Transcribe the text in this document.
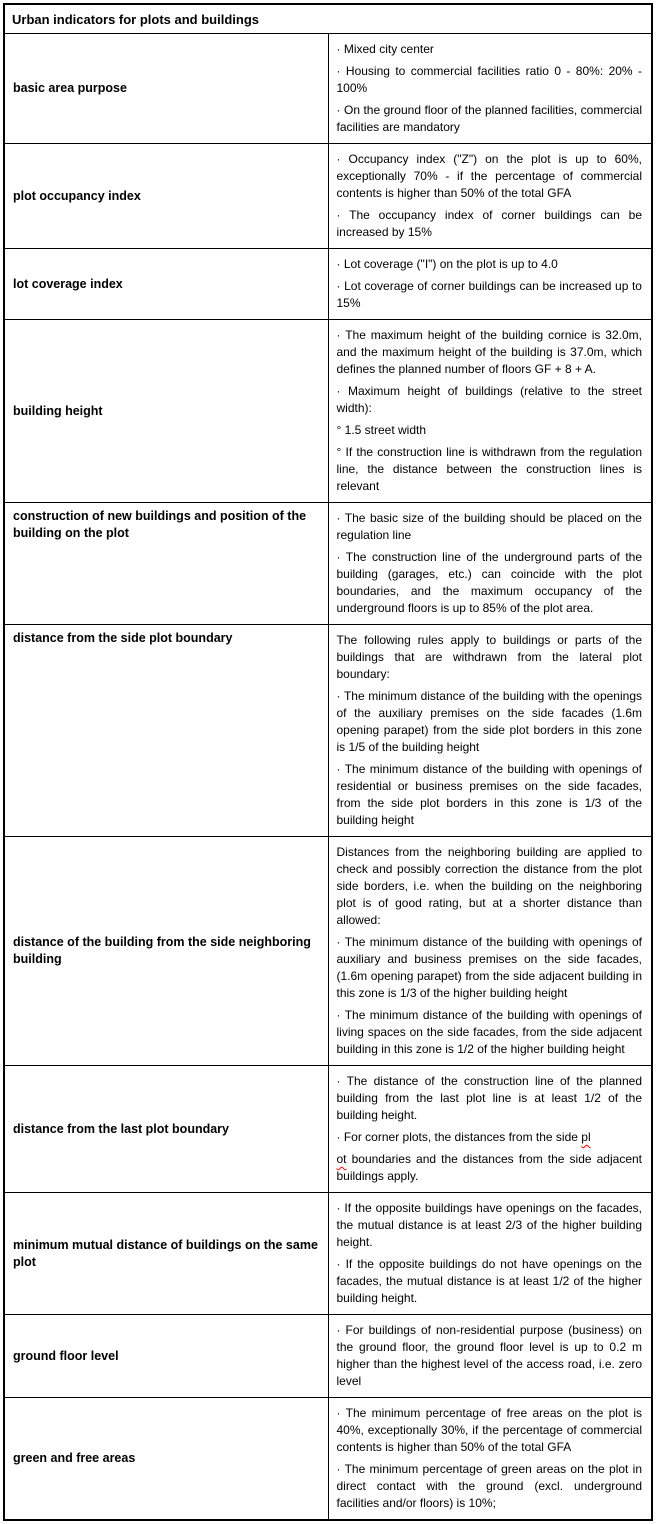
Urban indicators for plots and buildings	
basic area purpose	· Mixed city center
· Housing to commercial facilities ratio 0 - 80%: 20% - 100%
· On the ground floor of the planned facilities, commercial facilities are mandatory

plot occupancy index	· Occupancy index ("Z") on the plot is up to 60%, exceptionally 70% - if the percentage of commercial contents is higher than 50% of the total GFA
· The occupancy index of corner buildings can be increased by 15%

lot coverage index	· Lot coverage ("I") on the plot is up to 4.0
· Lot coverage of corner buildings can be increased up to 15%

building height	· The maximum height of the building cornice is 32.0m, and the maximum height of the building is 37.0m, which defines the planned number of floors GF + 8 + A.
· Maximum height of buildings (relative to the street width):
° 1.5 street width
° If the construction line is withdrawn from the regulation line, the distance between the construction lines is relevant

construction of new buildings and position of the building on the plot	· The basic size of the building should be placed on the regulation line
· The construction line of the underground parts of the building (garages, etc.) can coincide with the plot boundaries, and the maximum occupancy of the underground floors is up to 85% of the plot area.

distance from the side plot boundary	The following rules apply to buildings or parts of the buildings that are withdrawn from the lateral plot boundary:
· The minimum distance of the building with the openings of the auxiliary premises on the side facades (1.6m opening parapet) from the side plot borders in this zone is 1/5 of the building height
· The minimum distance of the building with openings of residential or business premises on the side facades, from the side plot borders in this zone is 1/3 of the building height

distance of the building from the side neighboring building	Distances from the neighboring building are applied to check and possibly correction the distance from the plot side borders, i.e. when the building on the neighboring plot is of good rating, but at a shorter distance than allowed:
· The minimum distance of the building with openings of auxiliary and business premises on the side facades, (1.6m opening parapet) from the side adjacent building in this zone is 1/3 of the higher building height
· The minimum distance of the building with openings of living spaces on the side facades, from the side adjacent building in this zone is 1/2 of the higher building height

distance from the last plot boundary	· The distance of the construction line of the planned building from the last plot line is at least 1/2 of the building height.
· For corner plots, the distances from the side pl
ot boundaries and the distances from the side adjacent buildings apply.

minimum mutual distance of buildings on the same plot	· If the opposite buildings have openings on the facades, the mutual distance is at least 2/3 of the higher building height.
· If the opposite buildings do not have openings on the facades, the mutual distance is at least 1/2 of the higher building height.

ground floor level	· For buildings of non-residential purpose (business) on the ground floor, the ground floor level is up to 0.2 m higher than the highest level of the access road, i.e. zero level

green and free areas	· The minimum percentage of free areas on the plot is 40%, exceptionally 30%, if the percentage of commercial contents is higher than 50% of the total GFA
· The minimum percentage of green areas on the plot in direct contact with the ground (excl. underground facilities and/or floors) is 10%;
